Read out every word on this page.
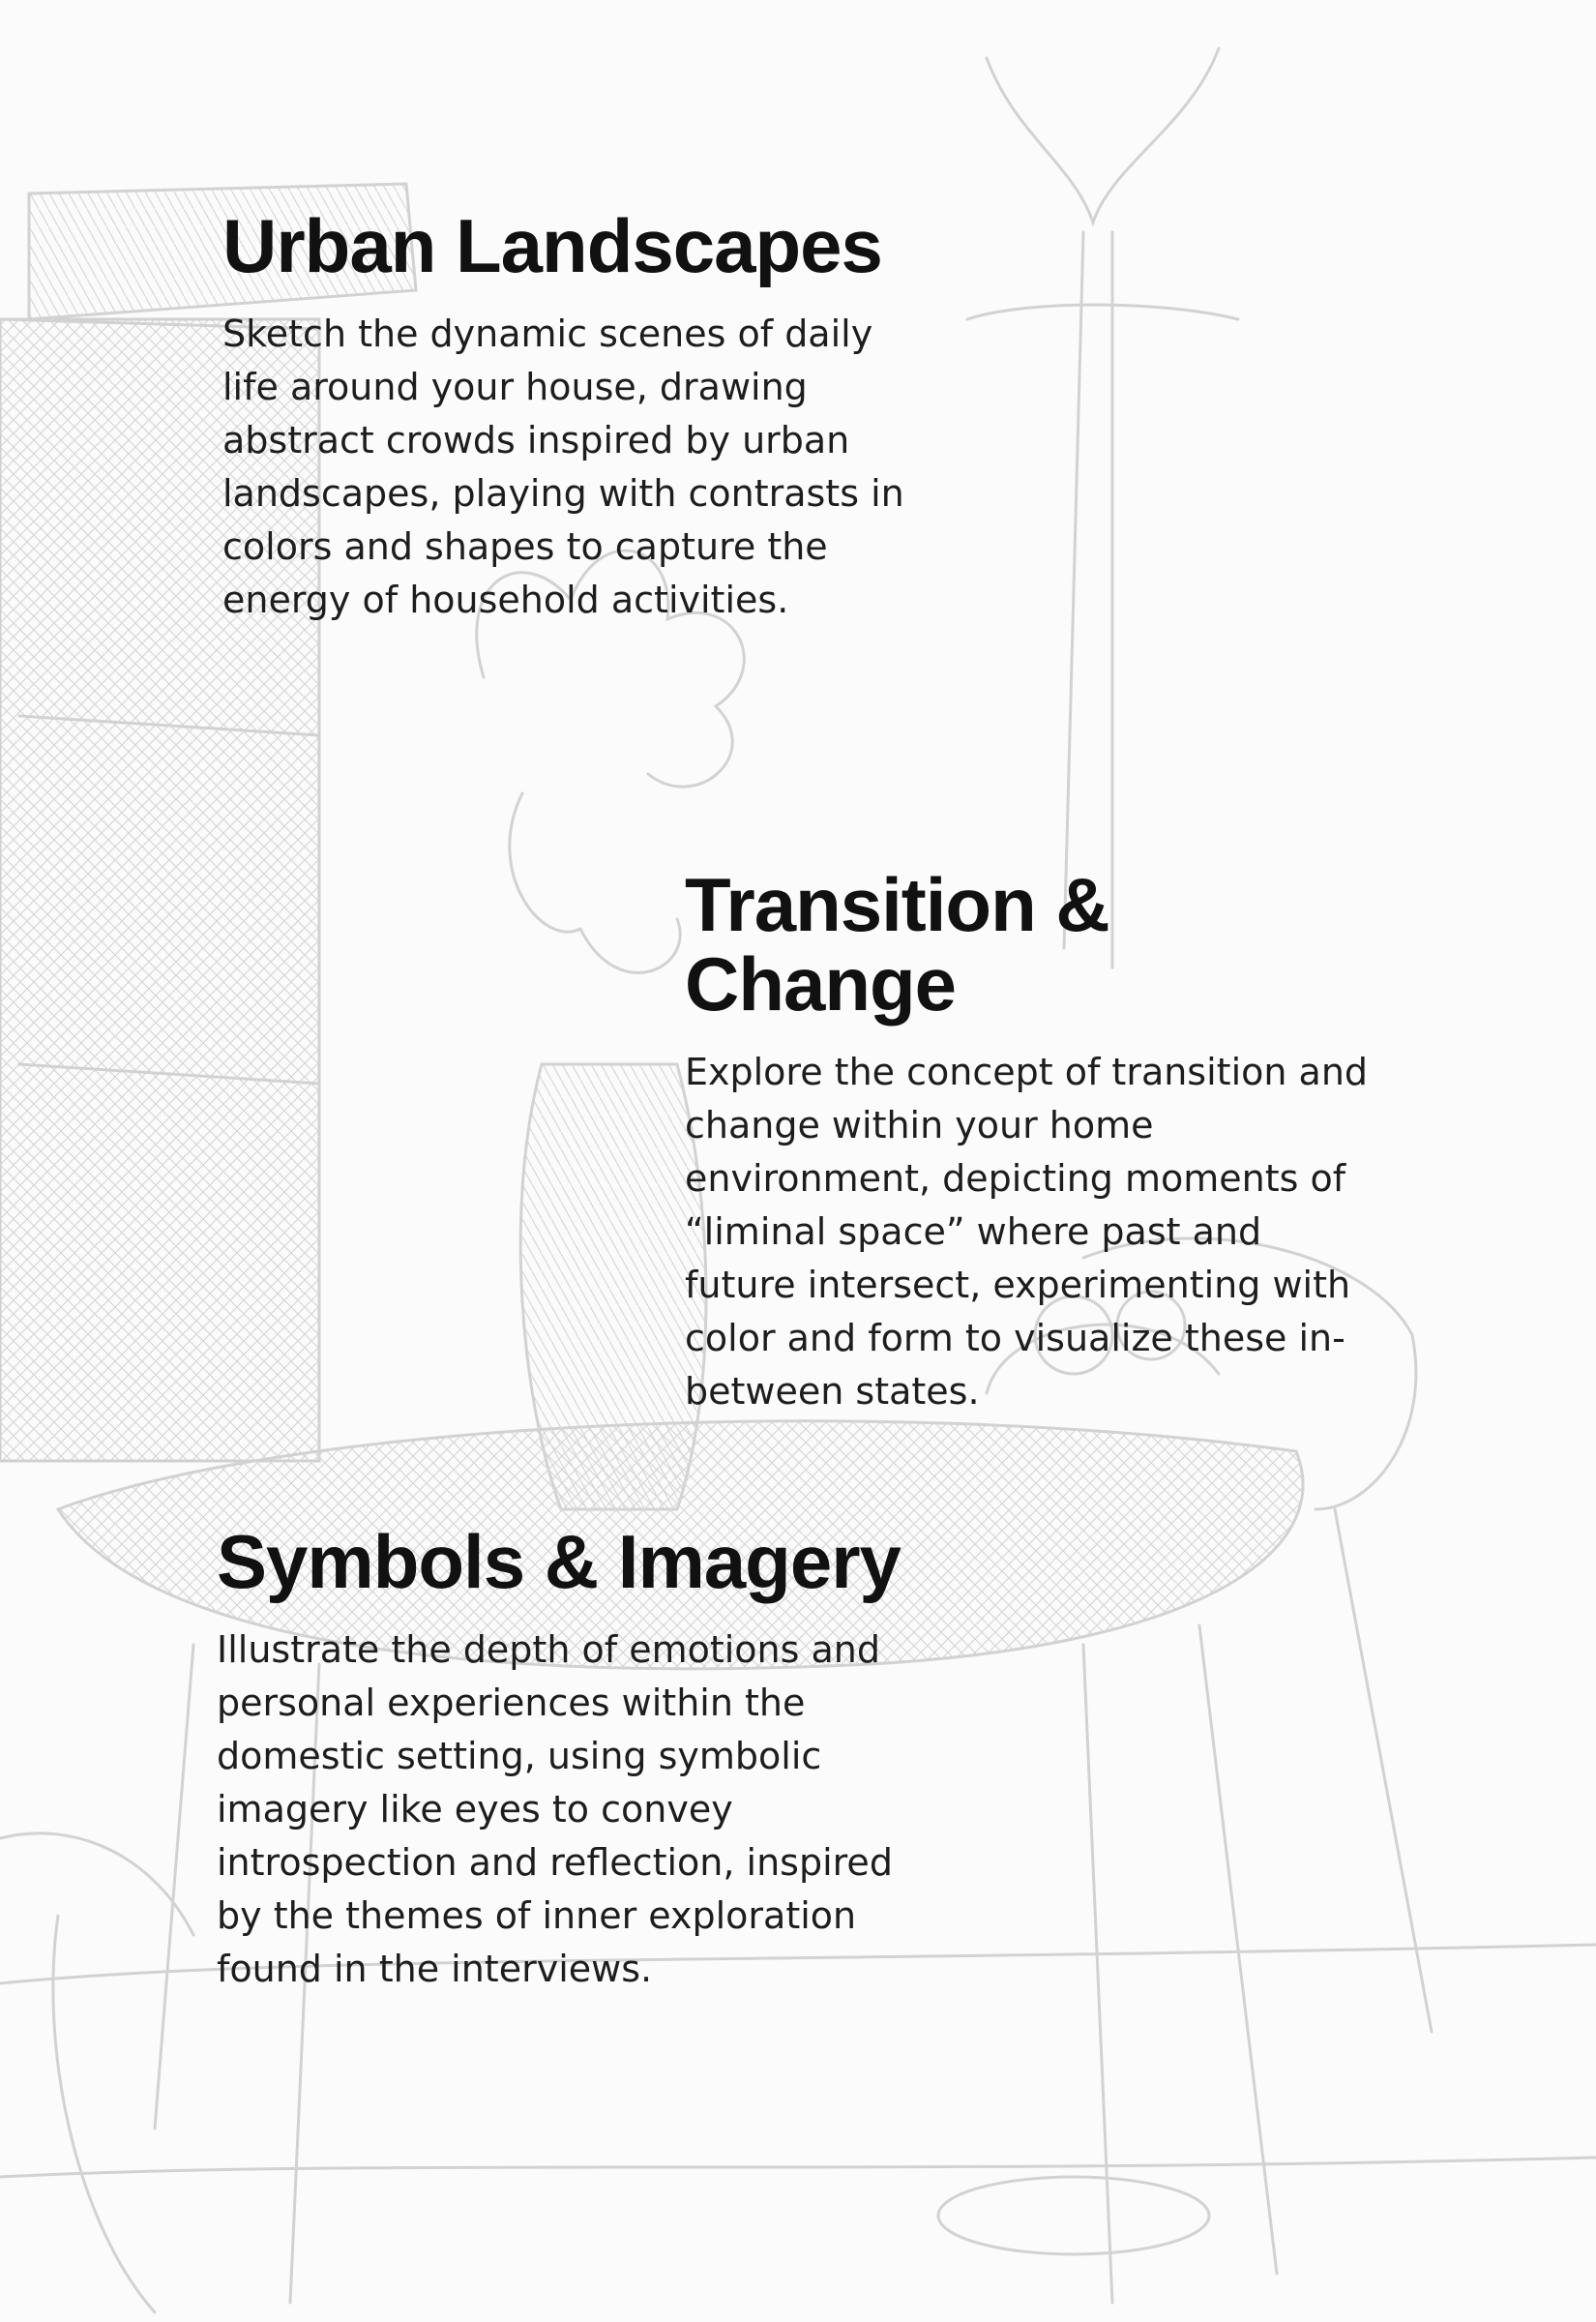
Urban Landscapes

Sketch the dynamic scenes of daily life around your house, drawing abstract crowds inspired by urban landscapes, playing with contrasts in colors and shapes to capture the energy of household activities.

Transition & Change

Explore the concept of transition and change within your home environment, depicting moments of “liminal space” where past and future intersect, experimenting with color and form to visualize these in-between states.

Symbols & Imagery

Illustrate the depth of emotions and personal experiences within the domestic setting, using symbolic imagery like eyes to convey introspection and reflection, inspired by the themes of inner exploration found in the interviews.
